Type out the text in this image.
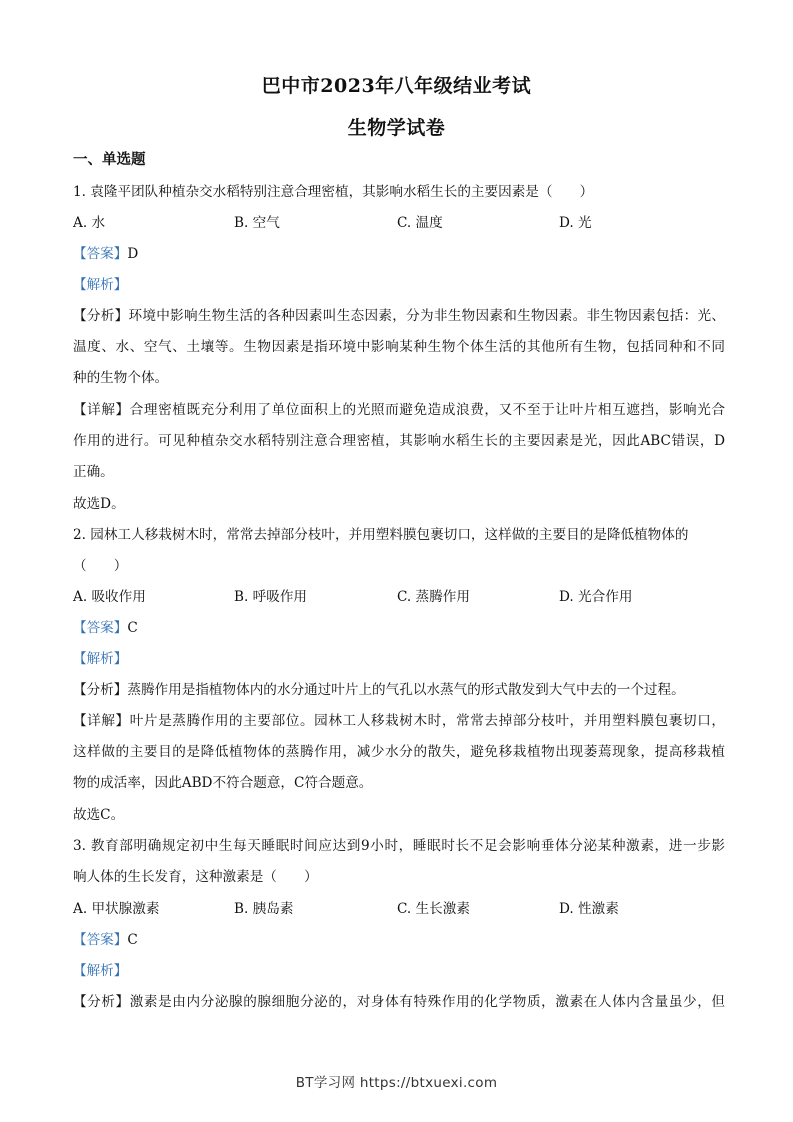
巴中市2023年八年级结业考试
生物学试卷
一、单选题
1. 袁隆平团队种植杂交水稻特别注意合理密植，其影响水稻生长的主要因素是（　　）
A. 水	B. 空气	C. 温度	D. 光
【答案】D
【解析】
【分析】环境中影响生物生活的各种因素叫生态因素，分为非生物因素和生物因素。非生物因素包括：光、
温度、水、空气、土壤等。生物因素是指环境中影响某种生物个体生活的其他所有生物，包括同种和不同
种的生物个体。
【详解】合理密植既充分利用了单位面积上的光照而避免造成浪费，又不至于让叶片相互遮挡，影响光合
作用的进行。可见种植杂交水稻特别注意合理密植，其影响水稻生长的主要因素是光，因此ABC错误，D
正确。
故选D。
2. 园林工人移栽树木时，常常去掉部分枝叶，并用塑料膜包裹切口，这样做的主要目的是降低植物体的
（　　）
A. 吸收作用	B. 呼吸作用	C. 蒸腾作用	D. 光合作用
【答案】C
【解析】
【分析】蒸腾作用是指植物体内的水分通过叶片上的气孔以水蒸气的形式散发到大气中去的一个过程。
【详解】叶片是蒸腾作用的主要部位。园林工人移栽树木时，常常去掉部分枝叶，并用塑料膜包裹切口，
这样做的主要目的是降低植物体的蒸腾作用，减少水分的散失，避免移栽植物出现萎蔫现象，提高移栽植
物的成活率，因此ABD不符合题意，C符合题意。
故选C。
3. 教育部明确规定初中生每天睡眠时间应达到9小时，睡眠时长不足会影响垂体分泌某种激素，进一步影
响人体的生长发育，这种激素是（　　）
A. 甲状腺激素	B. 胰岛素	C. 生长激素	D. 性激素
【答案】C
【解析】
【分析】激素是由内分泌腺的腺细胞分泌的，对身体有特殊作用的化学物质，激素在人体内含量虽少，但
BT学习网 https://btxuexi.com
